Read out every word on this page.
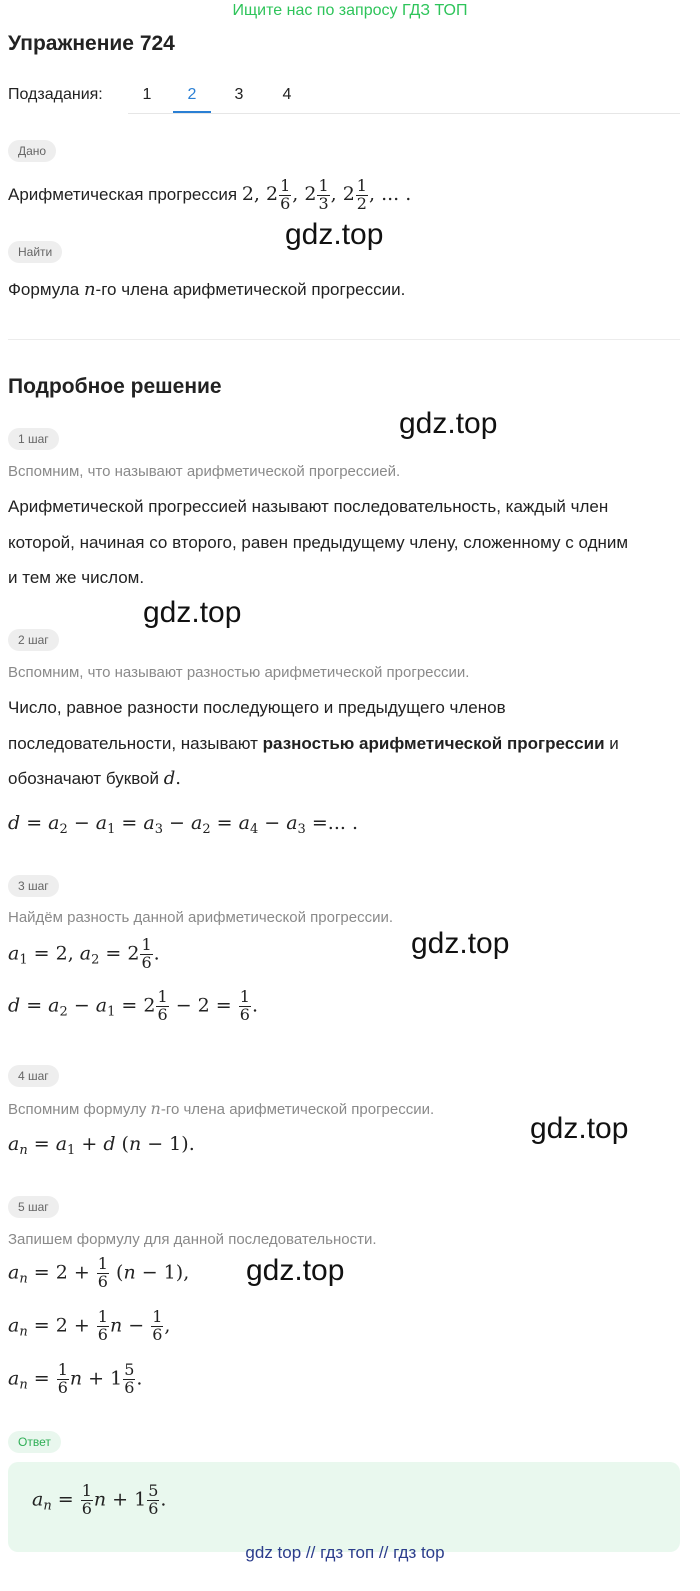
Ищите нас по запросу ГДЗ ТОП
Упражнение 724
Подзадания:	1	2	3	4
Дано
Арифметическая прогрессия 2, $2 \frac{1}{6}$ , $2 \frac{1}{3}$ , $2 \frac{1}{2}$ , ... .
gdz.top
Найти
Формула n-го члена арифметической прогрессии.
Подробное решение
gdz.top
1 шаг
Вспомним, что называют арифметической прогрессией.
Арифметической прогрессией называют последовательность, каждый член
которой, начиная со второго, равен предыдущему члену, сложенному с одним
и тем же числом.
gdz.top
2 шаг
Вспомним, что называют разностью арифметической прогрессии.
Число, равное разности последующего и предыдущего членов
последовательности, называют разностью арифметической прогрессии и
обозначают буквой d.
$d = a_2 - a_1 = a_3 - a_2 = a_4 - a_3$ =... .
3 шаг
Найдём разность данной арифметической прогрессии.
gdz.top
$a_1 = 2$, $a_2 = 2 \frac{1}{6}$ .
$d = a_2 - a_1 = 2 \frac{1}{6} - 2 = \frac{1}{6}$ .
4 шаг
Вспомним формулу n-го члена арифметической прогрессии.
gdz.top
$a_n = a_1 + d$ (n − 1).
5 шаг
Запишем формулу для данной последовательности.
gdz.top
$a_n = 2 + \frac{1}{6} (n - 1)$,
$a_n = 2 + \frac{1}{6}$ $n - \frac{1}{6}$ ,
$a_n = \frac{1}{6}$ $n + 1 \frac{5}{6}$ .
Ответ
$a_n = \frac{1}{6}$ $n + 1 \frac{5}{6}$ .
gdz top // гдз топ // гдз top
